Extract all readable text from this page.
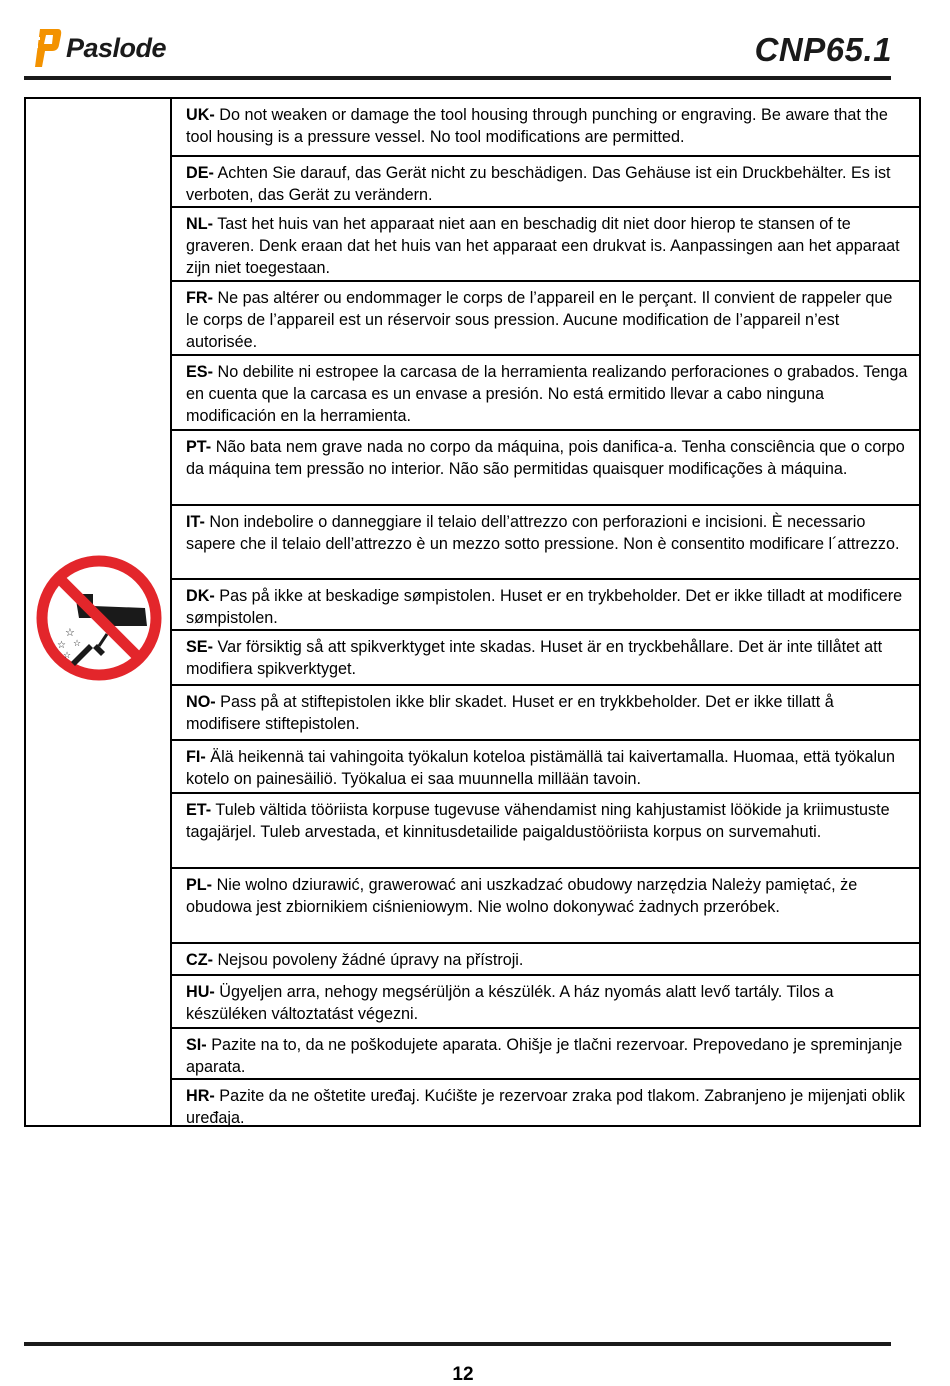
Paslode	CNP65.1
☆
☆ ☆
☆
UK- Do not weaken or damage the tool housing through punching or engraving. Be aware that the tool housing is a pressure vessel. No tool modifications are permitted.
DE- Achten Sie darauf, das Gerät nicht zu beschädigen. Das Gehäuse ist ein Druckbehälter. Es ist verboten, das Gerät zu verändern.
NL- Tast het huis van het apparaat niet aan en beschadig dit niet door hierop te stansen of te graveren. Denk eraan dat het huis van het apparaat een drukvat is. Aanpassingen aan het apparaat zijn niet toegestaan.
FR- Ne pas altérer ou endommager le corps de l’appareil en le perçant. Il convient de rappeler que le corps de l’appareil est un réservoir sous pression. Aucune modification de l’appareil n’est autorisée.
ES- No debilite ni estropee la carcasa de la herramienta realizando perforaciones o grabados. Tenga en cuenta que la carcasa es un envase a presión. No está ermitido llevar a cabo ninguna modificación en la herramienta.
PT- Não bata nem grave nada no corpo da máquina, pois danifica-a. Tenha consciência que o corpo da máquina tem pressão no interior. Não são permitidas quaisquer modificações à máquina.
IT- Non indebolire o danneggiare il telaio dell’attrezzo con perforazioni e incisioni. È necessario sapere che il telaio dell’attrezzo è un mezzo sotto pressione. Non è consentito modificare l´attrezzo.
DK- Pas på ikke at beskadige sømpistolen. Huset er en trykbeholder. Det er ikke tilladt at modificere sømpistolen.
SE- Var försiktig så att spikverktyget inte skadas. Huset är en tryckbehållare. Det är inte tillåtet att modifiera spikverktyget.
NO- Pass på at stiftepistolen ikke blir skadet. Huset er en trykkbeholder. Det er ikke tillatt å modifisere stiftepistolen.
FI- Älä heikennä tai vahingoita työkalun koteloa pistämällä tai kaivertamalla. Huomaa, että työkalun kotelo on painesäiliö. Työkalua ei saa muunnella millään tavoin.
ET- Tuleb vältida tööriista korpuse tugevuse vähendamist ning kahjustamist löökide ja kriimustuste tagajärjel. Tuleb arvestada, et kinnitusdetailide paigaldustööriista korpus on survemahuti.
PL- Nie wolno dziurawić, grawerować ani uszkadzać obudowy narzędzia Należy pamiętać, że obudowa jest zbiornikiem ciśnieniowym. Nie wolno dokonywać żadnych przeróbek.
CZ- Nejsou povoleny žádné úpravy na přístroji.
HU- Ügyeljen arra, nehogy megsérüljön a készülék. A ház nyomás alatt levő tartály. Tilos a készüléken változtatást végezni.
SI- Pazite na to, da ne poškodujete aparata. Ohišje je tlačni rezervoar. Prepovedano je spreminjanje aparata.
HR- Pazite da ne oštetite uređaj. Kućište je rezervoar zraka pod tlakom. Zabranjeno je mijenjati oblik uređaja.
12
